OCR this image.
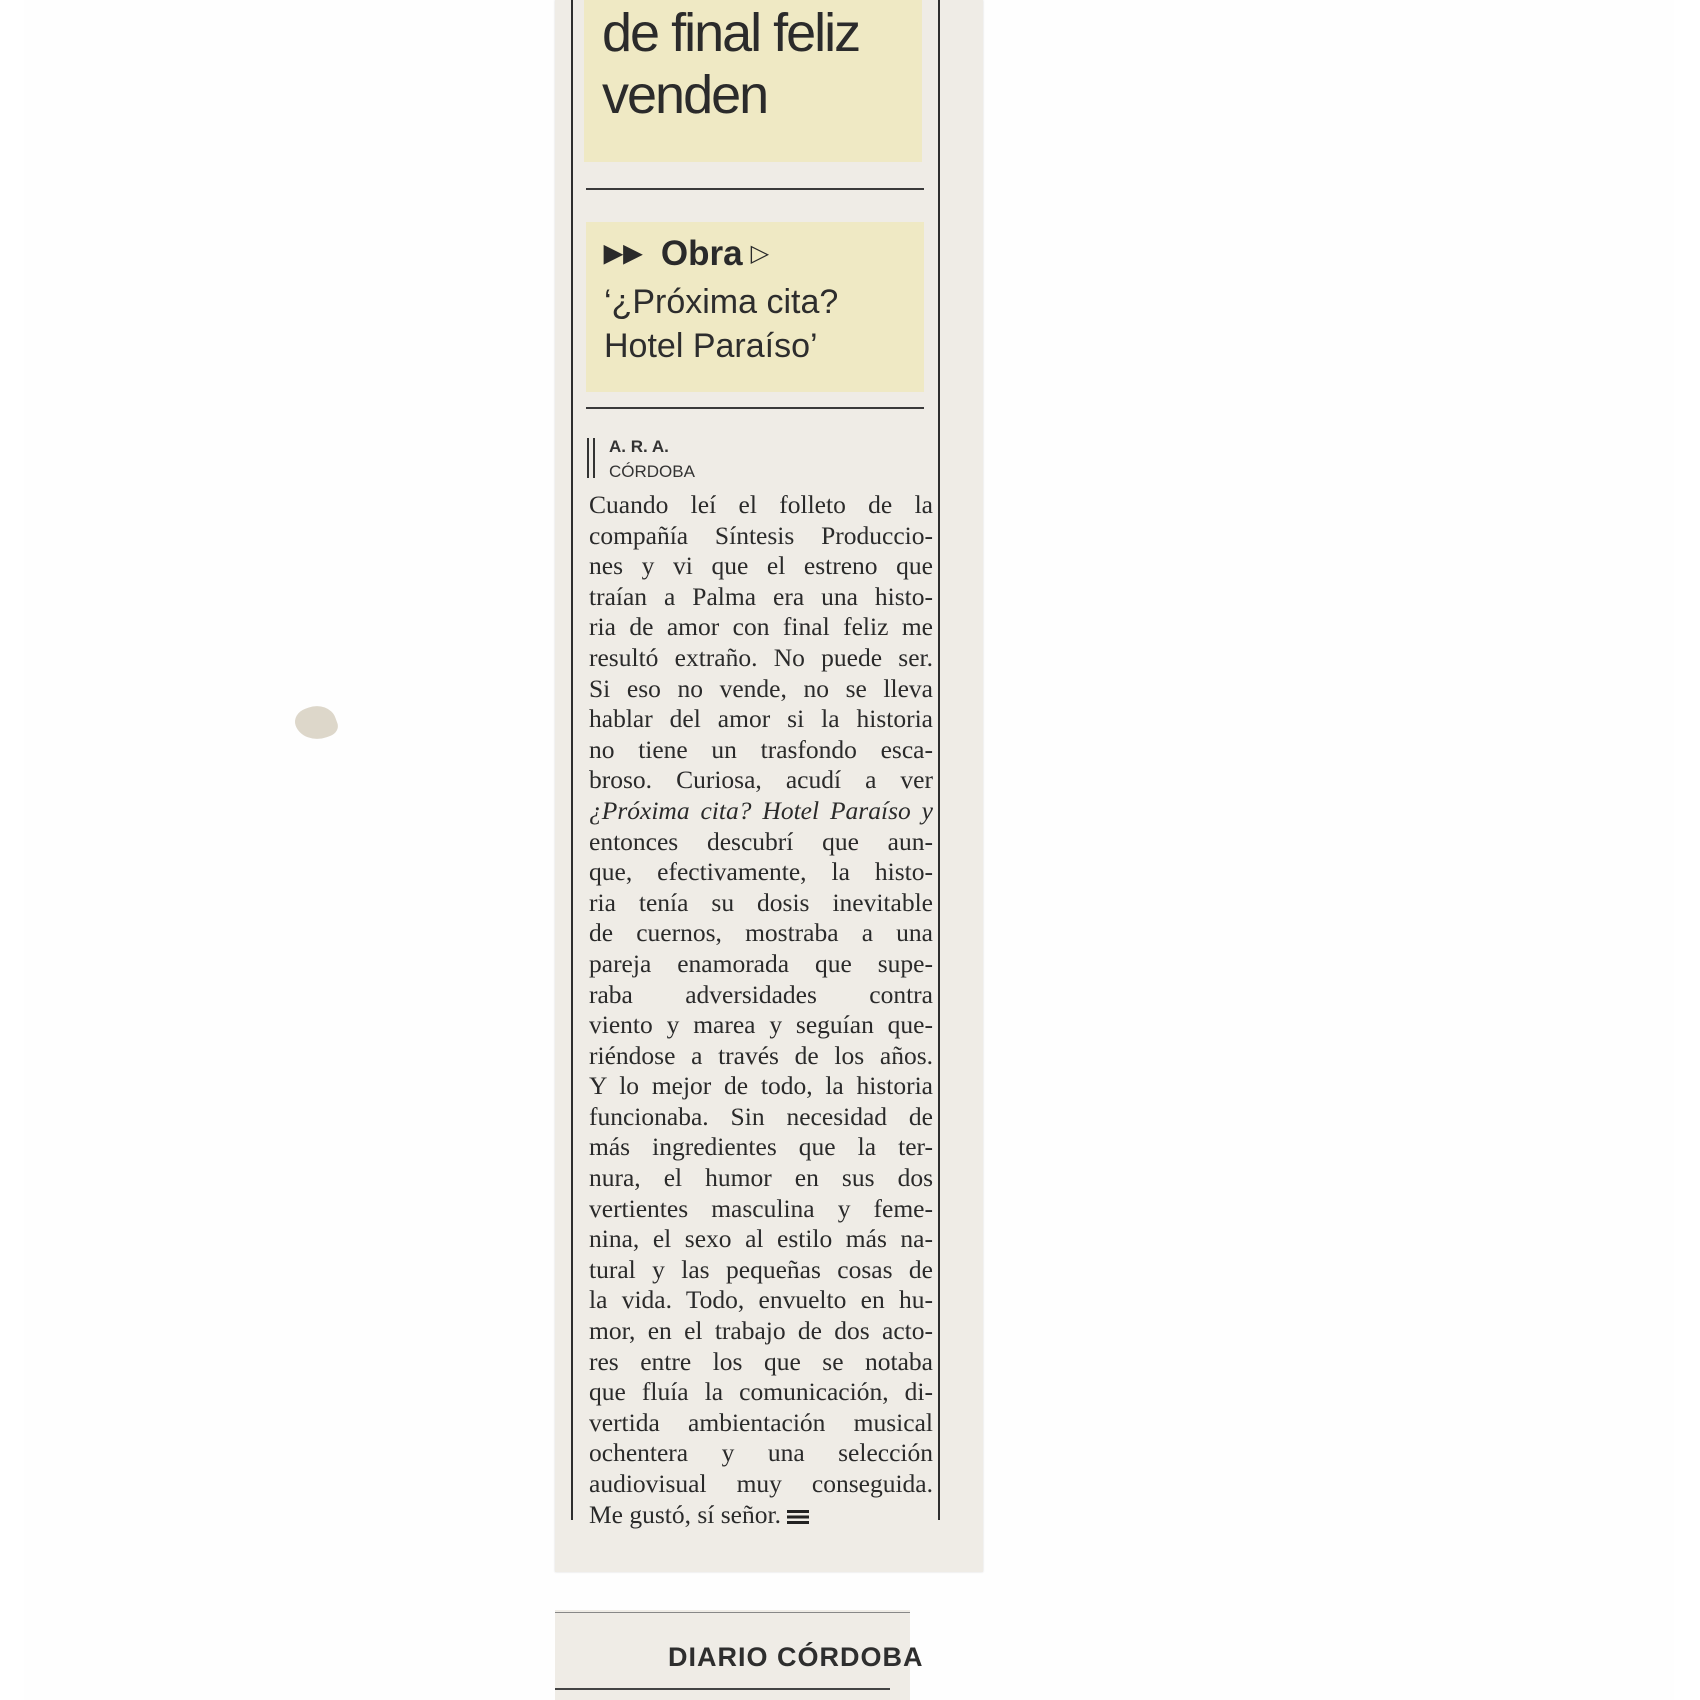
de final feliz
venden
▶▶ Obra ▷
‘¿Próxima cita?
Hotel Paraíso’
A. R. A.
CÓRDOBA
Cuando leí el folleto de la
compañía Síntesis Produccio-
nes y vi que el estreno que
traían a Palma era una histo-
ria de amor con final feliz me
resultó extraño. No puede ser.
Si eso no vende, no se lleva
hablar del amor si la historia
no tiene un trasfondo esca-
broso. Curiosa, acudí a ver
¿Próxima cita? Hotel Paraíso y
entonces descubrí que aun-
que, efectivamente, la histo-
ria tenía su dosis inevitable
de cuernos, mostraba a una
pareja enamorada que supe-
raba adversidades contra
viento y marea y seguían que-
riéndose a través de los años.
Y lo mejor de todo, la historia
funcionaba. Sin necesidad de
más ingredientes que la ter-
nura, el humor en sus dos
vertientes masculina y feme-
nina, el sexo al estilo más na-
tural y las pequeñas cosas de
la vida. Todo, envuelto en hu-
mor, en el trabajo de dos acto-
res entre los que se notaba
que fluía la comunicación, di-
vertida ambientación musical
ochentera y una selección
audiovisual muy conseguida.
Me gustó, sí señor.
DIARIO CÓRDOBA
